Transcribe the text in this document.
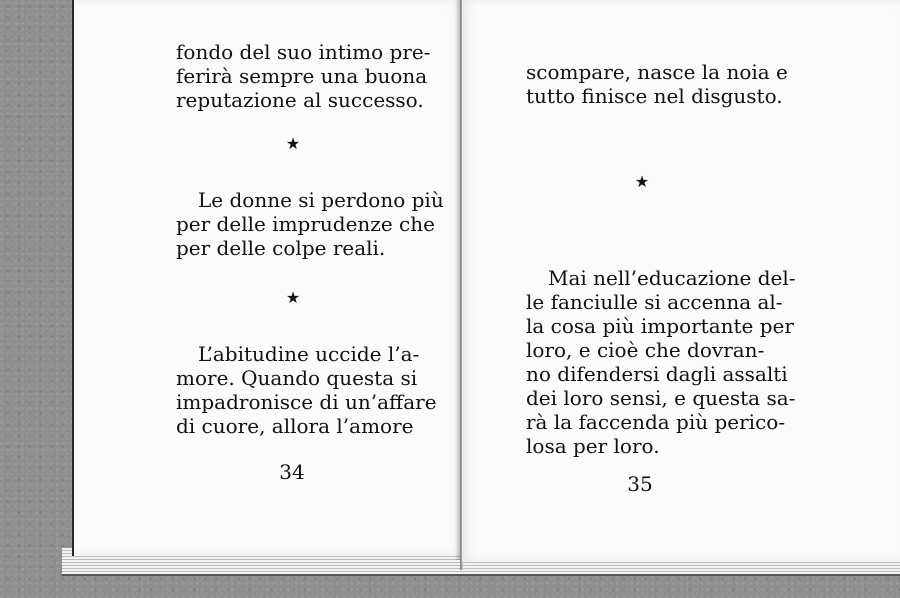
fondo del suo intimo pre-
ferirà sempre una buona
reputazione al successo.
★
Le donne si perdono più
per delle imprudenze che
per delle colpe reali.
★
L’abitudine uccide l’a-
more. Quando questa si
impadronisce di un’affare
di cuore, allora l’amore
34
scompare, nasce la noia e
tutto finisce nel disgusto.
★
Mai nell’educazione del-
le fanciulle si accenna al-
la cosa più importante per
loro, e cioè che dovran-
no difendersi dagli assalti
dei loro sensi, e questa sa-
rà la faccenda più perico-
losa per loro.
35
